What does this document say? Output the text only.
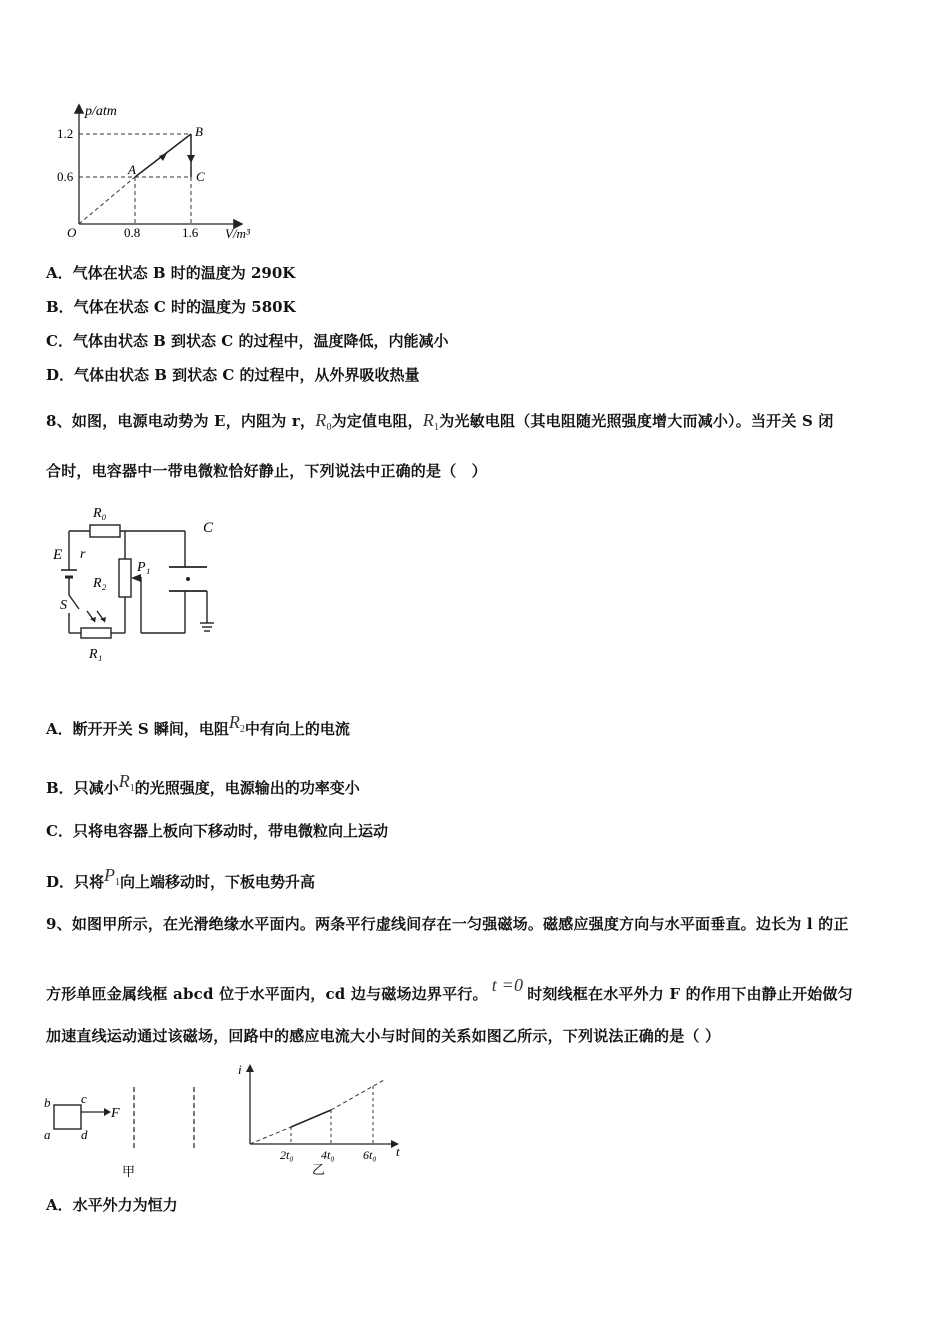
p/atm
V/m³
O
1.2
0.6
0.8	1.6
A
B
C
A．气体在状态 B 时的温度为 290K
B．气体在状态 C 时的温度为 580K
C．气体由状态 B 到状态 C 的过程中，温度降低，内能减小
D．气体由状态 B 到状态 C 的过程中，从外界吸收热量
8、如图，电源电动势为 E，内阻为 r，$R_0$为定值电阻，$R_1$为光敏电阻（其电阻随光照强度增大而减小）。当开关 S 闭
合时，电容器中一带电微粒恰好静止，下列说法中正确的是（　）
R₀
C
E r
R₂
P₁
S
R₁
A．断开开关 S 瞬间，电阻$R_2$中有向上的电流
B．只减小$R_1$的光照强度，电源输出的功率变小
C．只将电容器上板向下移动时，带电微粒向上运动
D．只将$P_1$向上端移动时，下板电势升高
9、如图甲所示，在光滑绝缘水平面内。两条平行虚线间存在一匀强磁场。磁感应强度方向与水平面垂直。边长为 l 的正
方形单匝金属线框 abcd 位于水平面内，cd 边与磁场边界平行。 t =0 时刻线框在水平外力 F 的作用下由静止开始做匀
加速直线运动通过该磁场，回路中的感应电流大小与时间的关系如图乙所示，下列说法正确的是（ ）
b c
a d
F
甲
i
t
2t₀ 4t₀ 6t₀
乙
A．水平外力为恒力
